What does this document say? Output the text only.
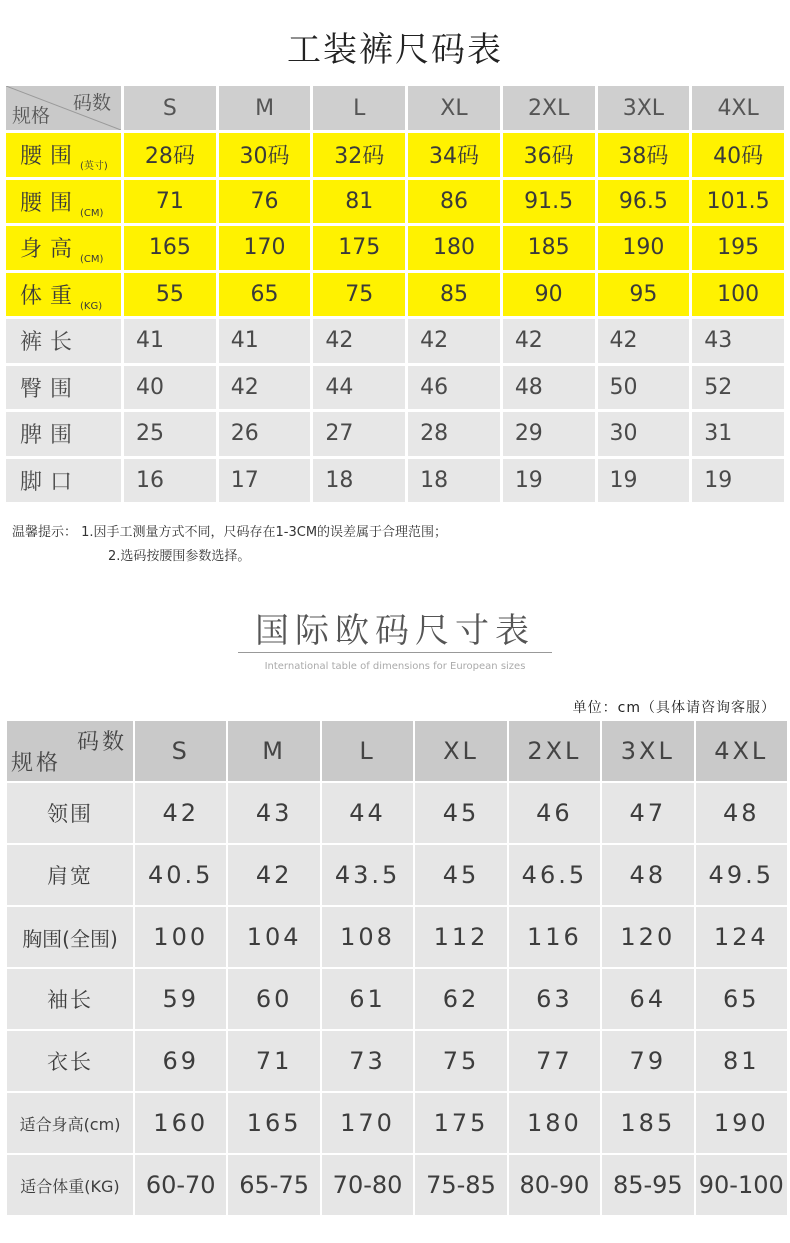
工装裤尺码表
码数
规格	S	M	L	XL	2XL	3XL	4XL
腰围$_{(英寸)}$	28码	30码	32码	34码	36码	38码	40码
腰围$_{(CM)}$	71	76	81	86	91.5	96.5	101.5
身高$_{(CM)}$	165	170	175	180	185	190	195
体重$_{(KG)}$	55	65	75	85	90	95	100
裤长	41	41	42	42	42	42	43
臀围	40	42	44	46	48	50	52
脾围	25	26	27	28	29	30	31
脚口	16	17	18	18	19	19	19
温馨提示： 1.因手工测量方式不同，尺码存在1-3CM的误差属于合理范围；
2.选码按腰围参数选择。
国际欧码尺寸表
International table of dimensions for European sizes
单位：cm（具体请咨询客服）
码数
规格	S	M	L	XL	2XL	3XL	4XL
领围	42	43	44	45	46	47	48
肩宽	40.5	42	43.5	45	46.5	48	49.5
胸围(全围)	100	104	108	112	116	120	124
袖长	59	60	61	62	63	64	65
衣长	69	71	73	75	77	79	81
适合身高(cm)	160	165	170	175	180	185	190
适合体重(KG)	60-70	65-75	70-80	75-85	80-90	85-95	90-100
